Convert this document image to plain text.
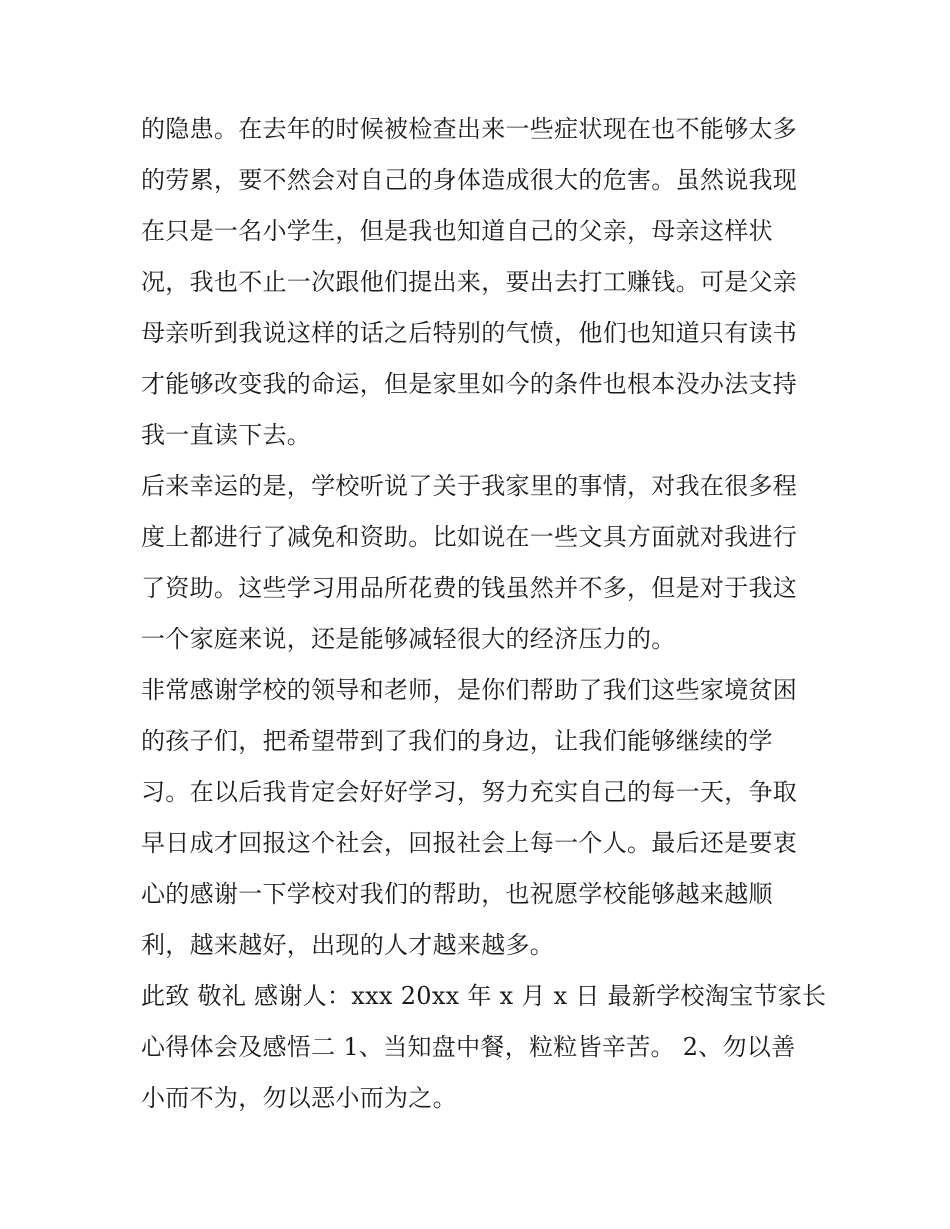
的隐患。在去年的时候被检查出来一些症状现在也不能够太多
的劳累，要不然会对自己的身体造成很大的危害。虽然说我现
在只是一名小学生，但是我也知道自己的父亲，母亲这样状
况，我也不止一次跟他们提出来，要出去打工赚钱。可是父亲
母亲听到我说这样的话之后特别的气愤，他们也知道只有读书
才能够改变我的命运，但是家里如今的条件也根本没办法支持
我一直读下去。
后来幸运的是，学校听说了关于我家里的事情，对我在很多程
度上都进行了减免和资助。比如说在一些文具方面就对我进行
了资助。这些学习用品所花费的钱虽然并不多，但是对于我这
一个家庭来说，还是能够减轻很大的经济压力的。
非常感谢学校的领导和老师，是你们帮助了我们这些家境贫困
的孩子们，把希望带到了我们的身边，让我们能够继续的学
习。在以后我肯定会好好学习，努力充实自己的每一天，争取
早日成才回报这个社会，回报社会上每一个人。最后还是要衷
心的感谢一下学校对我们的帮助，也祝愿学校能够越来越顺
利，越来越好，出现的人才越来越多。
此致 敬礼 感谢人：xxx 20xx 年 x 月 x 日 最新学校淘宝节家长
心得体会及感悟二 1、当知盘中餐，粒粒皆辛苦。 2、勿以善
小而不为，勿以恶小而为之。
